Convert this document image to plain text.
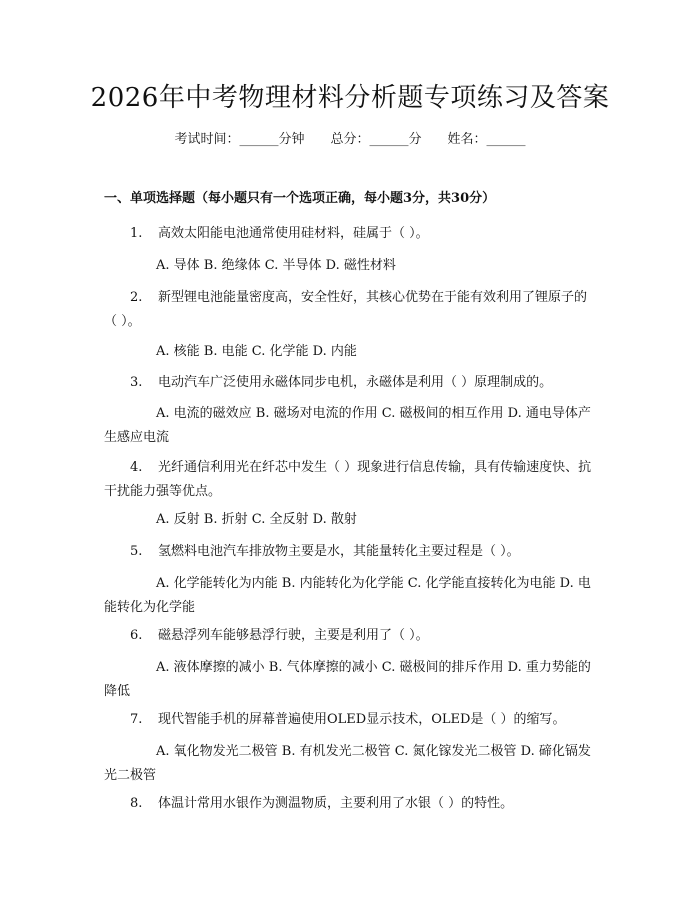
2026年中考物理材料分析题专项练习及答案
考试时间：______分钟 总分：______分 姓名：______
一、单项选择题（每小题只有一个选项正确，每小题3分，共30分）
1. 高效太阳能电池通常使用硅材料，硅属于（ ）。
A. 导体 B. 绝缘体 C. 半导体 D. 磁性材料
2. 新型锂电池能量密度高，安全性好，其核心优势在于能有效利用了锂原子的（ ）。
A. 核能 B. 电能 C. 化学能 D. 内能
3. 电动汽车广泛使用永磁体同步电机，永磁体是利用（ ）原理制成的。
A. 电流的磁效应 B. 磁场对电流的作用 C. 磁极间的相互作用 D. 通电导体产生感应电流
4. 光纤通信利用光在纤芯中发生（ ）现象进行信息传输，具有传输速度快、抗干扰能力强等优点。
A. 反射 B. 折射 C. 全反射 D. 散射
5. 氢燃料电池汽车排放物主要是水，其能量转化主要过程是（ ）。
A. 化学能转化为内能 B. 内能转化为化学能 C. 化学能直接转化为电能 D. 电能转化为化学能
6. 磁悬浮列车能够悬浮行驶，主要是利用了（ ）。
A. 液体摩擦的减小 B. 气体摩擦的减小 C. 磁极间的排斥作用 D. 重力势能的降低
7. 现代智能手机的屏幕普遍使用OLED显示技术，OLED是（ ）的缩写。
A. 氧化物发光二极管 B. 有机发光二极管 C. 氮化镓发光二极管 D. 碲化镉发光二极管
8. 体温计常用水银作为测温物质，主要利用了水银（ ）的特性。
